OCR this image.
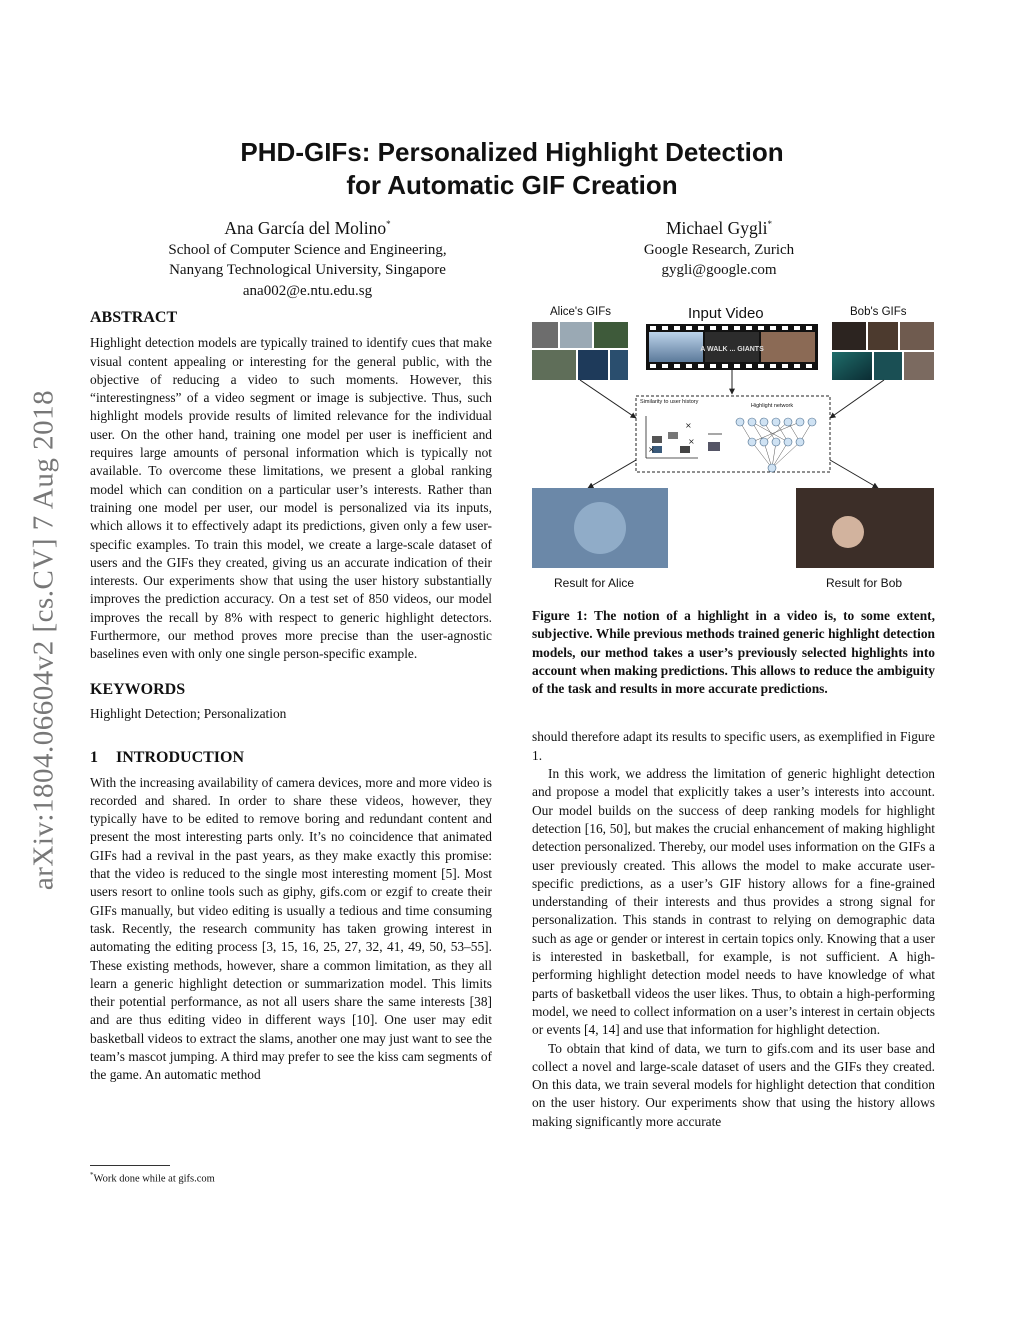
arXiv:1804.06604v2 [cs.CV] 7 Aug 2018
PHD-GIFs: Personalized Highlight Detection
for Automatic GIF Creation
Ana García del Molino*
School of Computer Science and Engineering,
Nanyang Technological University, Singapore
ana002@e.ntu.edu.sg
Michael Gygli*
Google Research, Zurich
gygli@google.com
ABSTRACT

Highlight detection models are typically trained to identify cues that make visual content appealing or interesting for the general public, with the objective of reducing a video to such moments. However, this “interestingness” of a video segment or image is subjective. Thus, such highlight models provide results of limited relevance for the individual user. On the other hand, training one model per user is inefficient and requires large amounts of personal information which is typically not available. To overcome these limitations, we present a global ranking model which can condition on a particular user’s interests. Rather than training one model per user, our model is personalized via its inputs, which allows it to effectively adapt its predictions, given only a few user-specific examples. To train this model, we create a large-scale dataset of users and the GIFs they created, giving us an accurate indication of their interests. Our experiments show that using the user history substantially improves the prediction accuracy. On a test set of 850 videos, our model improves the recall by 8% with respect to generic highlight detectors. Furthermore, our method proves more precise than the user-agnostic baselines even with only one single person-specific example.

KEYWORDS

Highlight Detection; Personalization

1 INTRODUCTION

With the increasing availability of camera devices, more and more video is recorded and shared. In order to share these videos, however, they typically have to be edited to remove boring and redundant content and present the most interesting parts only. It’s no coincidence that animated GIFs had a revival in the past years, as they make exactly this promise: that the video is reduced to the single most interesting moment [5]. Most users resort to online tools such as giphy, gifs.com or ezgif to create their GIFs manually, but video editing is usually a tedious and time consuming task. Recently, the research community has taken growing interest in automating the editing process [3, 15, 16, 25, 27, 32, 41, 49, 50, 53–55]. These existing methods, however, share a common limitation, as they all learn a generic highlight detection or summarization model. This limits their potential performance, as not all users share the same interests [38] and are thus editing video in different ways [10]. One user may edit basketball videos to extract the slams, another one may just want to see the team’s mascot jumping. A third may prefer to see the kiss cam segments of the game. An automatic method

*Work done while at gifs.com
A WALK ... GIANTS
Similarity to user history
Highlight network
×
×
×
Alice's GIFs	Input Video	Bob's GIFs
Result for Alice	Result for Bob

Figure 1: The notion of a highlight in a video is, to some extent, subjective. While previous methods trained generic highlight detection models, our method takes a user’s previously selected highlights into account when making predictions. This allows to reduce the ambiguity of the task and results in more accurate predictions.

should therefore adapt its results to specific users, as exemplified in Figure 1.

In this work, we address the limitation of generic highlight detection and propose a model that explicitly takes a user’s interests into account. Our model builds on the success of deep ranking models for highlight detection [16, 50], but makes the crucial enhancement of making highlight detection personalized. Thereby, our model uses information on the GIFs a user previously created. This allows the model to make accurate user-specific predictions, as a user’s GIF history allows for a fine-grained understanding of their interests and thus provides a strong signal for personalization. This stands in contrast to relying on demographic data such as age or gender or interest in certain topics only. Knowing that a user is interested in basketball, for example, is not sufficient. A high-performing highlight detection model needs to have knowledge of what parts of basketball videos the user likes. Thus, to obtain a high-performing model, we need to collect information on a user’s interest in certain objects or events [4, 14] and use that information for highlight detection.

To obtain that kind of data, we turn to gifs.com and its user base and collect a novel and large-scale dataset of users and the GIFs they created. On this data, we train several models for highlight detection that condition on the user history. Our experiments show that using the history allows making significantly more accurate
